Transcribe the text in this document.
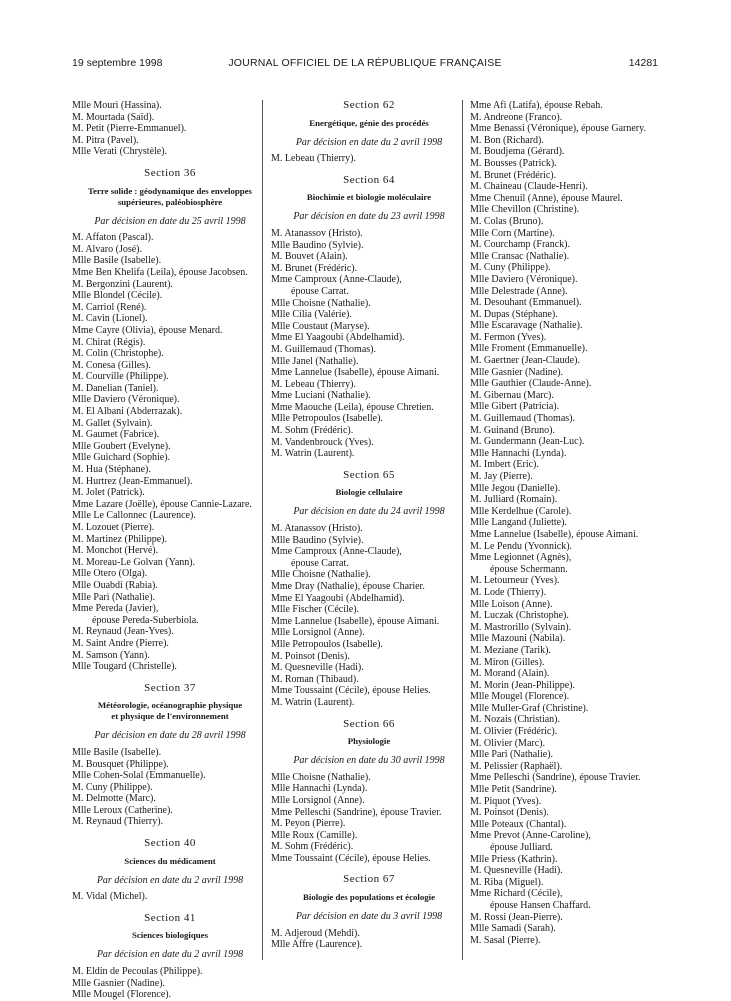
19 septembre 1998	JOURNAL OFFICIEL DE LA RÉPUBLIQUE FRANÇAISE	14281
Mlle Mouri (Hassina).
M. Mourtada (Saïd).
M. Petit (Pierre-Emmanuel).
M. Pitra (Pavel).
Mlle Verati (Chrystèle).
Section 36
Terre solide : géodynamique des enveloppes
supérieures, paléobiosphère
Par décision en date du 25 avril 1998
M. Affaton (Pascal).
M. Alvaro (José).
Mlle Basile (Isabelle).
Mme Ben Khelifa (Leila), épouse Jacobsen.
M. Bergonzini (Laurent).
Mlle Blondel (Cécile).
M. Carriol (René).
M. Cavin (Lionel).
Mme Cayre (Olivia), épouse Menard.
M. Chirat (Régis).
M. Colin (Christophe).
M. Conesa (Gilles).
M. Courville (Philippe).
M. Danelian (Taniel).
Mlle Daviero (Véronique).
M. El Albani (Abderrazak).
M. Gallet (Sylvain).
M. Gaumet (Fabrice).
Mlle Goubert (Evelyne).
Mlle Guichard (Sophie).
M. Hua (Stéphane).
M. Hurtrez (Jean-Emmanuel).
M. Jolet (Patrick).
Mme Lazare (Joëlle), épouse Cannie-Lazare.
Mlle Le Callonnec (Laurence).
M. Lozouet (Pierre).
M. Martinez (Philippe).
M. Monchot (Hervé).
M. Moreau-Le Golvan (Yann).
Mlle Otero (Olga).
Mlle Ouabdi (Rabia).
Mlle Pari (Nathalie).
Mme Pereda (Javier),
épouse Pereda-Suberbiola.
M. Reynaud (Jean-Yves).
M. Saint Andre (Pierre).
M. Samson (Yann).
Mlle Tougard (Christelle).
Section 37
Météorologie, océanographie physique
et physique de l'environnement
Par décision en date du 28 avril 1998
Mlle Basile (Isabelle).
M. Bousquet (Philippe).
Mlle Cohen-Solal (Emmanuelle).
M. Cuny (Philippe).
M. Delmotte (Marc).
Mlle Leroux (Catherine).
M. Reynaud (Thierry).
Section 40
Sciences du médicament
Par décision en date du 2 avril 1998
M. Vidal (Michel).
Section 41
Sciences biologiques
Par décision en date du 2 avril 1998
M. Eldin de Pecoulas (Philippe).
Mlle Gasnier (Nadine).
Mlle Mougel (Florence).
Section 62
Energétique, génie des procédés
Par décision en date du 2 avril 1998
M. Lebeau (Thierry).
Section 64
Biochimie et biologie moléculaire
Par décision en date du 23 avril 1998
M. Atanassov (Hristo).
Mlle Baudino (Sylvie).
M. Bouvet (Alain).
M. Brunet (Frédéric).
Mme Camproux (Anne-Claude),
épouse Carrat.
Mlle Choisne (Nathalie).
Mlle Cilia (Valérie).
Mlle Coustaut (Maryse).
Mme El Yaagoubi (Abdelhamid).
M. Guillemaud (Thomas).
Mlle Janel (Nathalie).
Mme Lannelue (Isabelle), épouse Aimani.
M. Lebeau (Thierry).
Mme Luciani (Nathalie).
Mme Maouche (Leila), épouse Chretien.
Mlle Petropoulos (Isabelle).
M. Sohm (Frédéric).
M. Vandenbrouck (Yves).
M. Watrin (Laurent).
Section 65
Biologie cellulaire
Par décision en date du 24 avril 1998
M. Atanassov (Hristo).
Mlle Baudino (Sylvie).
Mme Camproux (Anne-Claude),
épouse Carrat.
Mlle Choisne (Nathalie).
Mme Dray (Nathalie), épouse Charier.
Mme El Yaagoubi (Abdelhamid).
Mlle Fischer (Cécile).
Mme Lannelue (Isabelle), épouse Aimani.
Mlle Lorsignol (Anne).
Mlle Petropoulos (Isabelle).
M. Poinsot (Denis).
M. Quesneville (Hadi).
M. Roman (Thibaud).
Mme Toussaint (Cécile), épouse Helies.
M. Watrin (Laurent).
Section 66
Physiologie
Par décision en date du 30 avril 1998
Mlle Choisne (Nathalie).
Mlle Hannachi (Lynda).
Mlle Lorsignol (Anne).
Mme Pelleschi (Sandrine), épouse Travier.
M. Peyon (Pierre).
Mlle Roux (Camille).
M. Sohm (Frédéric).
Mme Toussaint (Cécile), épouse Helies.
Section 67
Biologie des populations et écologie
Par décision en date du 3 avril 1998
M. Adjeroud (Mehdi).
Mlle Affre (Laurence).
Mme Afi (Latifa), épouse Rebah.
M. Andreone (Franco).
Mme Benassi (Véronique), épouse Garnery.
M. Bon (Richard).
M. Boudjema (Gérard).
M. Bousses (Patrick).
M. Brunet (Frédéric).
M. Chaineau (Claude-Henri).
Mme Chenuil (Anne), épouse Maurel.
Mlle Chevillon (Christine).
M. Colas (Bruno).
Mlle Corn (Martine).
M. Courchamp (Franck).
Mlle Cransac (Nathalie).
M. Cuny (Philippe).
Mlle Daviero (Véronique).
Mlle Delestrade (Anne).
M. Desouhant (Emmanuel).
M. Dupas (Stéphane).
Mlle Escaravage (Nathalie).
M. Fermon (Yves).
Mlle Froment (Emmanuelle).
M. Gaertner (Jean-Claude).
Mlle Gasnier (Nadine).
Mlle Gauthier (Claude-Anne).
M. Gibernau (Marc).
Mlle Gibert (Patricia).
M. Guillemaud (Thomas).
M. Guinand (Bruno).
M. Gundermann (Jean-Luc).
Mlle Hannachi (Lynda).
M. Imbert (Eric).
M. Jay (Pierre).
Mlle Jegou (Danielle).
M. Julliard (Romain).
Mlle Kerdelhue (Carole).
Mlle Langand (Juliette).
Mme Lannelue (Isabelle), épouse Aimani.
M. Le Pendu (Yvonnick).
Mme Legionnet (Agnès),
épouse Schermann.
M. Letourneur (Yves).
M. Lode (Thierry).
Mlle Loison (Anne).
M. Luczak (Christophe).
M. Mastrorillo (Sylvain).
Mlle Mazouni (Nabila).
M. Meziane (Tarik).
M. Miron (Gilles).
M. Morand (Alain).
M. Morin (Jean-Philippe).
Mlle Mougel (Florence).
Mlle Muller-Graf (Christine).
M. Nozais (Christian).
M. Olivier (Frédéric).
M. Olivier (Marc).
Mlle Pari (Nathalie).
M. Pelissier (Raphaël).
Mme Pelleschi (Sandrine), épouse Travier.
Mlle Petit (Sandrine).
M. Piquot (Yves).
M. Poinsot (Denis).
Mlle Poteaux (Chantal).
Mme Prevot (Anne-Caroline),
épouse Julliard.
Mlle Priess (Kathrin).
M. Quesneville (Hadi).
M. Riba (Miguel).
Mme Richard (Cécile),
épouse Hansen Chaffard.
M. Rossi (Jean-Pierre).
Mlle Samadi (Sarah).
M. Sasal (Pierre).
